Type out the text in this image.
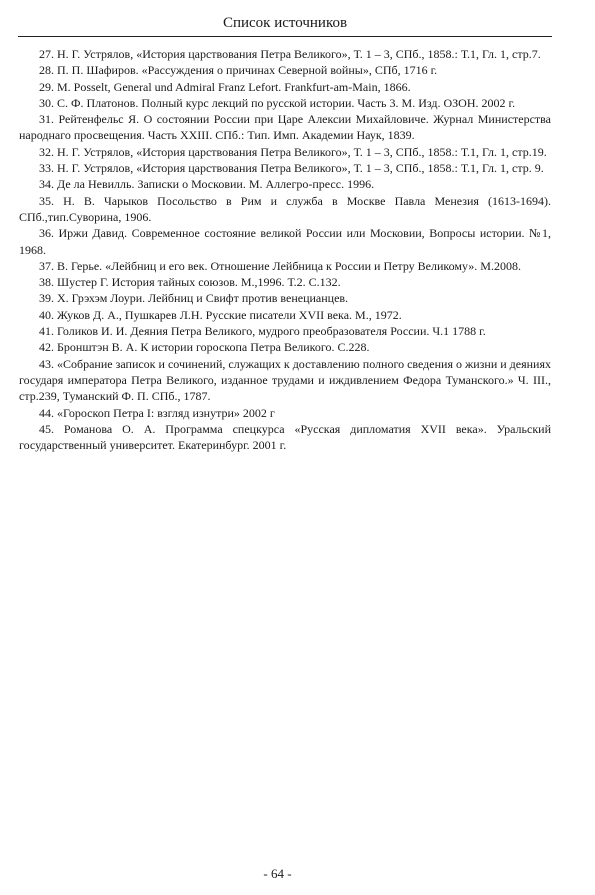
Список источников

27. Н. Г. Устрялов, «История царствования Петра Великого», Т. 1 – 3, СПб., 1858.: Т.1, Гл. 1, стр.7.

28. П. П. Шафиров. «Рассуждения о причинах Северной войны», СПб, 1716 г.

29. M. Posselt, General und Admiral Franz Lefort. Frankfurt-am-Main, 1866.

30. С. Ф. Платонов. Полный курс лекций по русской истории. Часть 3. М. Изд. ОЗОН. 2002 г.

31. Рейтенфельс Я. О состоянии России при Царе Алексии Михайловиче. Журнал Министерства народнаго просвещения. Часть XXIII. СПб.: Тип. Имп. Академии Наук, 1839.

32. Н. Г. Устрялов, «История царствования Петра Великого», Т. 1 – 3, СПб., 1858.: Т.1, Гл. 1, стр.19.

33. Н. Г. Устрялов, «История царствования Петра Великого», Т. 1 – 3, СПб., 1858.: Т.1, Гл. 1, стр. 9.

34. Де ла Невилль. Записки о Московии. М. Аллегро-пресс. 1996.

35. Н. В. Чарыков Посольство в Рим и служба в Москве Павла Менезия (1613-1694). СПб.,тип.Суворина, 1906.

36. Иржи Давид. Современное состояние великой России или Московии, Вопросы истории. №1, 1968.

37. В. Герье. «Лейбниц и его век. Отношение Лейбница к России и Петру Великому». М.2008.

38. Шустер Г. История тайных союзов. М.,1996. Т.2. С.132.

39. Х. Грэхэм Лоури. Лейбниц и Свифт против венецианцев.

40. Жуков Д. А., Пушкарев Л.Н. Русские писатели XVII века. М., 1972.

41. Голиков И. И. Деяния Петра Великого, мудрого преобразователя России. Ч.1 1788 г.

42. Бронштэн В. А. К истории гороскопа Петра Великого. С.228.

43. «Собрание записок и сочинений, служащих к доставлению полного сведения о жизни и деяниях государя императора Петра Великого, изданное трудами и иждивлением Федора Туманского.» Ч. III., стр.239, Туманский Ф. П. СПб., 1787.

44. «Гороскоп Петра I: взгляд изнутри» 2002 г

45. Романова О. А. Программа спецкурса «Русская дипломатия XVII века». Уральский государственный университет. Екатеринбург. 2001 г.

- 64 -
